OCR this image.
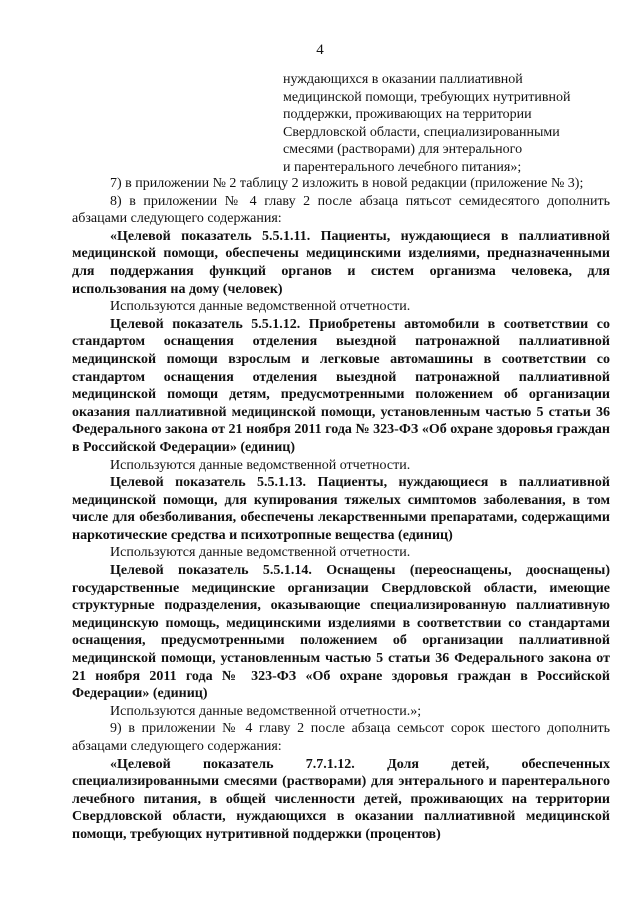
4
нуждающихся в оказании паллиативной
медицинской помощи, требующих нутритивной
поддержки, проживающих на территории
Свердловской области, специализированными
смесями (растворами) для энтерального
и парентерального лечебного питания»;

7) в приложении № 2 таблицу 2 изложить в новой редакции (приложение № 3);

8) в приложении № 4 главу 2 после абзаца пятьсот семидесятого дополнить абзацами следующего содержания:

«Целевой показатель 5.5.1.11. Пациенты, нуждающиеся в паллиативной медицинской помощи, обеспечены медицинскими изделиями, предназначенными для поддержания функций органов и систем организма человека, для использования на дому (человек)

Используются данные ведомственной отчетности.

Целевой показатель 5.5.1.12. Приобретены автомобили в соответствии со стандартом оснащения отделения выездной патронажной паллиативной медицинской помощи взрослым и легковые автомашины в соответствии со стандартом оснащения отделения выездной патронажной паллиативной медицинской помощи детям, предусмотренными положением об организации оказания паллиативной медицинской помощи, установленным частью 5 статьи 36 Федерального закона от 21 ноября 2011 года № 323-ФЗ «Об охране здоровья граждан в Российской Федерации» (единиц)

Используются данные ведомственной отчетности.

Целевой показатель 5.5.1.13. Пациенты, нуждающиеся в паллиативной медицинской помощи, для купирования тяжелых симптомов заболевания, в том числе для обезболивания, обеспечены лекарственными препаратами, содержащими наркотические средства и психотропные вещества (единиц)

Используются данные ведомственной отчетности.

Целевой показатель 5.5.1.14. Оснащены (переоснащены, дооснащены) государственные медицинские организации Свердловской области, имеющие структурные подразделения, оказывающие специализированную паллиативную медицинскую помощь, медицинскими изделиями в соответствии со стандартами оснащения, предусмотренными положением об организации паллиативной медицинской помощи, установленным частью 5 статьи 36 Федерального закона от 21 ноября 2011 года № 323-ФЗ «Об охране здоровья граждан в Российской Федерации» (единиц)

Используются данные ведомственной отчетности.»;

9) в приложении № 4 главу 2 после абзаца семьсот сорок шестого дополнить абзацами следующего содержания:

«Целевой показатель 7.7.1.12. Доля детей, обеспеченных специализированными смесями (растворами) для энтерального и парентерального лечебного питания, в общей численности детей, проживающих на территории Свердловской области, нуждающихся в оказании паллиативной медицинской помощи, требующих нутритивной поддержки (процентов)
